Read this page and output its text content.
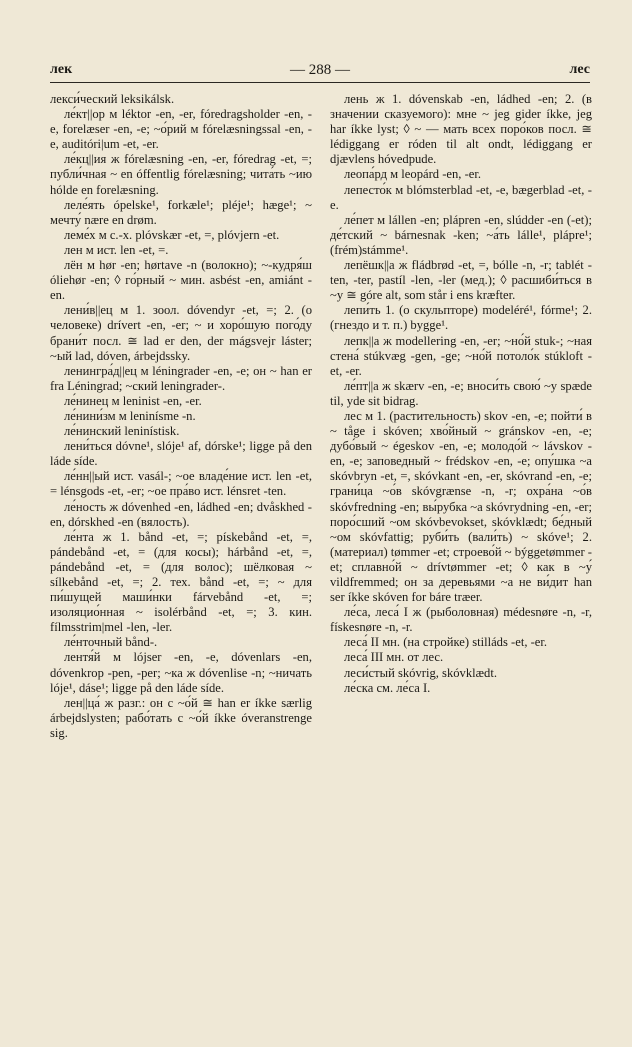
лек	— 288 —	лес

лекси́ческий leksikálsk.

ле́кт||ор м léktor -en, -er, fóredragsholder -en, -e, forelæser -en, -e; ~о́рий м fórelæsningssal -en, -e, auditóri|um -et, -er.

ле́кц||ия ж fórelæsning -en, -er, fóredrag -et, =; публи́чная ~ en óffentlig fórelæsning; чита́ть ~ию hólde en forelæsning.

леле́ять ópelske¹, forkæle¹; pléje¹; hæge¹; ~ мечту́ nære en drøm.

леме́х м с.-х. plóvskær -et, =, plóvjern -et.

лен м ист. len -et, =.

лён м hør -en; hørtave -n (волокно); ~-кудря́ш óliehør -en; ◊ го́рный ~ мин. asbést -en, amiánt -en.

лени́в||ец м 1. зоол. dóvendyr -et, =; 2. (о человеке) drívert -en, -er; ~ и хоро́шую пого́ду брани́т посл. ≅ lad er den, der mágsvejr láster; ~ый lad, dóven, árbejdssky.

ленингра́д||ец м léningrader -en, -e; он ~ han er fra Léningrad; ~ский leningrader-.

ле́нинец м leninist -en, -er.

ле́нини́зм м leninísme -n.

ле́нинский leninístisk.

лени́ться dóvne¹, slóje¹ af, dórske¹; ligge på den láde síde.

ле́нн||ый ист. vasál-; ~ое владе́ние ист. len -et, = lénsgods -et, -er; ~ое пра́во ист. lénsret -ten.

ле́ность ж dóvenhed -en, ládhed -en; dvåskhed -en, dórskhed -en (вялость).

ле́нта ж 1. bånd -et, =; pískebånd -et, =, pándebånd -et, = (для косы); hárbånd -et, =, pándebånd -et, = (для волос); шёлковая ~ sílkebånd -et, =; 2. тех. bånd -et, =; ~ для пи́шущей маши́нки fárvebånd -et, =; изоляцио́нная ~ isolérbånd -et, =; 3. кин. fílmsstrim|mel -len, -ler.

ле́нточный bånd-.

лентя́й м lójser -en, -e, dóvenlars -en, dóvenkrop -pen, -per; ~ка ж dóvenlise -n; ~ничать lóje¹, dáse¹; ligge på den láde síde.

лен||ца́ ж разг.: он с ~о́й ≅ han er íkke særlig árbejdslysten; рабо́тать с ~о́й íkke óveranstrenge sig.

лень ж 1. dóvenskab -en, ládhed -en; 2. (в значении сказуемого): мне ~ jeg gider íkke, jeg har íkke lyst; ◊ ~ — мать всех поро́ков посл. ≅ lédiggang er róden til alt ondt, lédiggang er djævlens hóvedpude.

леопа́рд м leopárd -en, -er.

лепесто́к м blómsterblad -et, -e, bægerblad -et, -e.

ле́пет м lállen -en; plápren -en, slúdder -en (-et); де́тский ~ bárnesnak -ken; ~а́ть lálle¹, plápre¹; (frém)stámme¹.

лепёшк||а ж fládbrød -et, =, bólle -n, -r; tablét -ten, -ter, pastíl -len, -ler (мед.); ◊ расшиби́ться в ~у ≅ góre alt, som står i ens kræfter.

лепи́ть 1. (о скульпторе) modeléré¹, fórme¹; 2. (гнездо и т. п.) bygge¹.

лепк||а ж modellering -en, -er; ~но́й stuk-; ~ная стена́ stúkvæg -gen, -ge; ~но́й потоло́к stúkloft -et, -er.

ле́пт||а ж skærv -en, -e; вноси́ть свою́ ~у spæde til, yde sit bidrag.

лес м 1. (растительность) skov -en, -e; пойти́ в ~ tåge i skóven; хво́йный ~ gránskov -en, -e; дубо́вый ~ égeskov -en, -e; молодо́й ~ lávskov -en, -e; заповедный ~ frédskov -en, -e; опу́шка ~а skóvbryn -et, =, skóvkant -en, -er, skóvrand -en, -e; грани́ца ~о́в skóvgrænse -n, -r; охра́на ~о́в skóvfredning -en; вы́рубка ~а skóvrydning -en, -er; поро́сший ~ом skóvbevokset, skóvklædt; бе́дный ~ом skóvfattig; руби́ть (вали́ть) ~ skóve¹; 2. (материал) tømmer -et; строево́й ~ býggetømmer -et; сплавно́й ~ drívtømmer -et; ◊ как в ~у́ vildfremmed; он за деревьями ~а не ви́дит han ser íkke skóven for báre træer.

ле́са, леса́ I ж (рыболовная) médesnøre -n, -r, fískesnøre -n, -r.

леса́ II мн. (на стройке) stilláds -et, -er.

леса́ III мн. от лес.

леси́стый skóvrig, skóvklædt.

ле́ска см. ле́са I.
